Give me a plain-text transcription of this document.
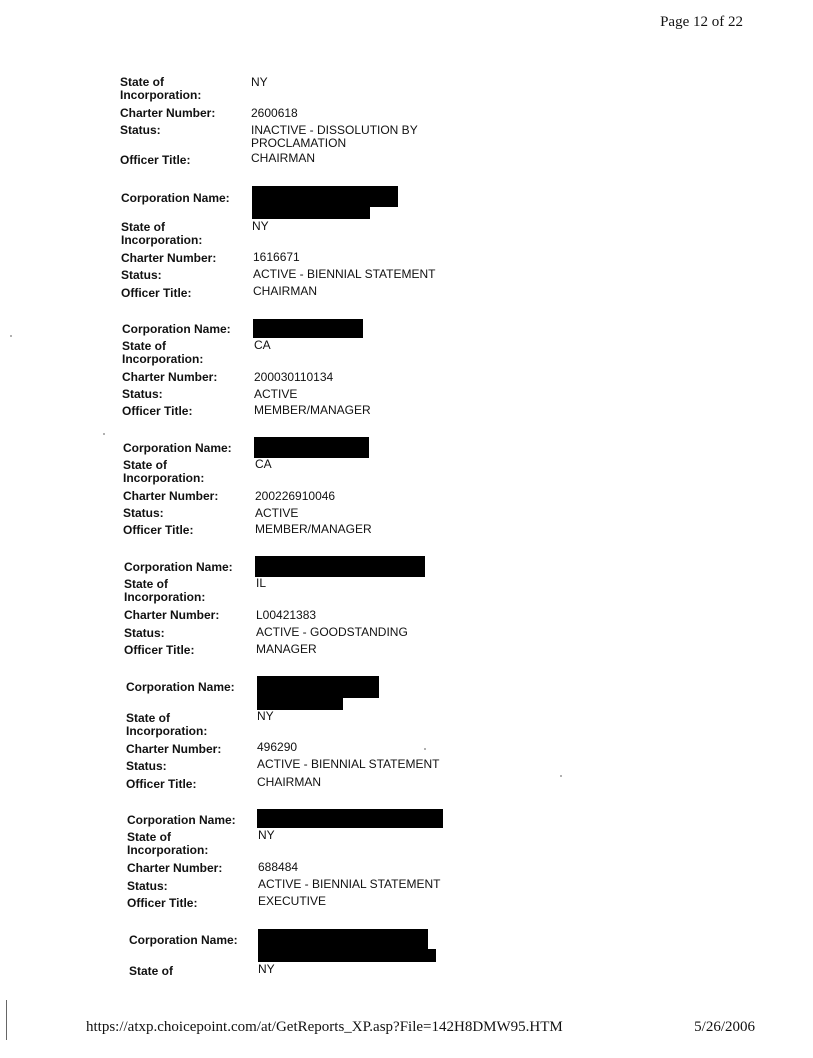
Page 12 of 22
State of Incorporation:
NY
Charter Number:	2600618
Status:	INACTIVE - DISSOLUTION BY PROCLAMATION
Officer Title:	CHAIRMAN
Corporation Name:
State of Incorporation:
NY
Charter Number:	1616671
Status:	ACTIVE - BIENNIAL STATEMENT
Officer Title:	CHAIRMAN
Corporation Name:
State of Incorporation:
CA
Charter Number:	200030110134
Status:	ACTIVE
Officer Title:	MEMBER/MANAGER
Corporation Name:
State of Incorporation:
CA
Charter Number:	200226910046
Status:	ACTIVE
Officer Title:	MEMBER/MANAGER
Corporation Name:
State of Incorporation:
IL
Charter Number:	L00421383
Status:	ACTIVE - GOODSTANDING
Officer Title:	MANAGER
Corporation Name:
State of Incorporation:
NY
Charter Number:	496290
Status:	ACTIVE - BIENNIAL STATEMENT
Officer Title:	CHAIRMAN
Corporation Name:
State of Incorporation:
NY
Charter Number:	688484
Status:	ACTIVE - BIENNIAL STATEMENT
Officer Title:	EXECUTIVE
Corporation Name:
State of	NY
https://atxp.choicepoint.com/at/GetReports_XP.asp?File=142H8DMW95.HTM	5/26/2006
